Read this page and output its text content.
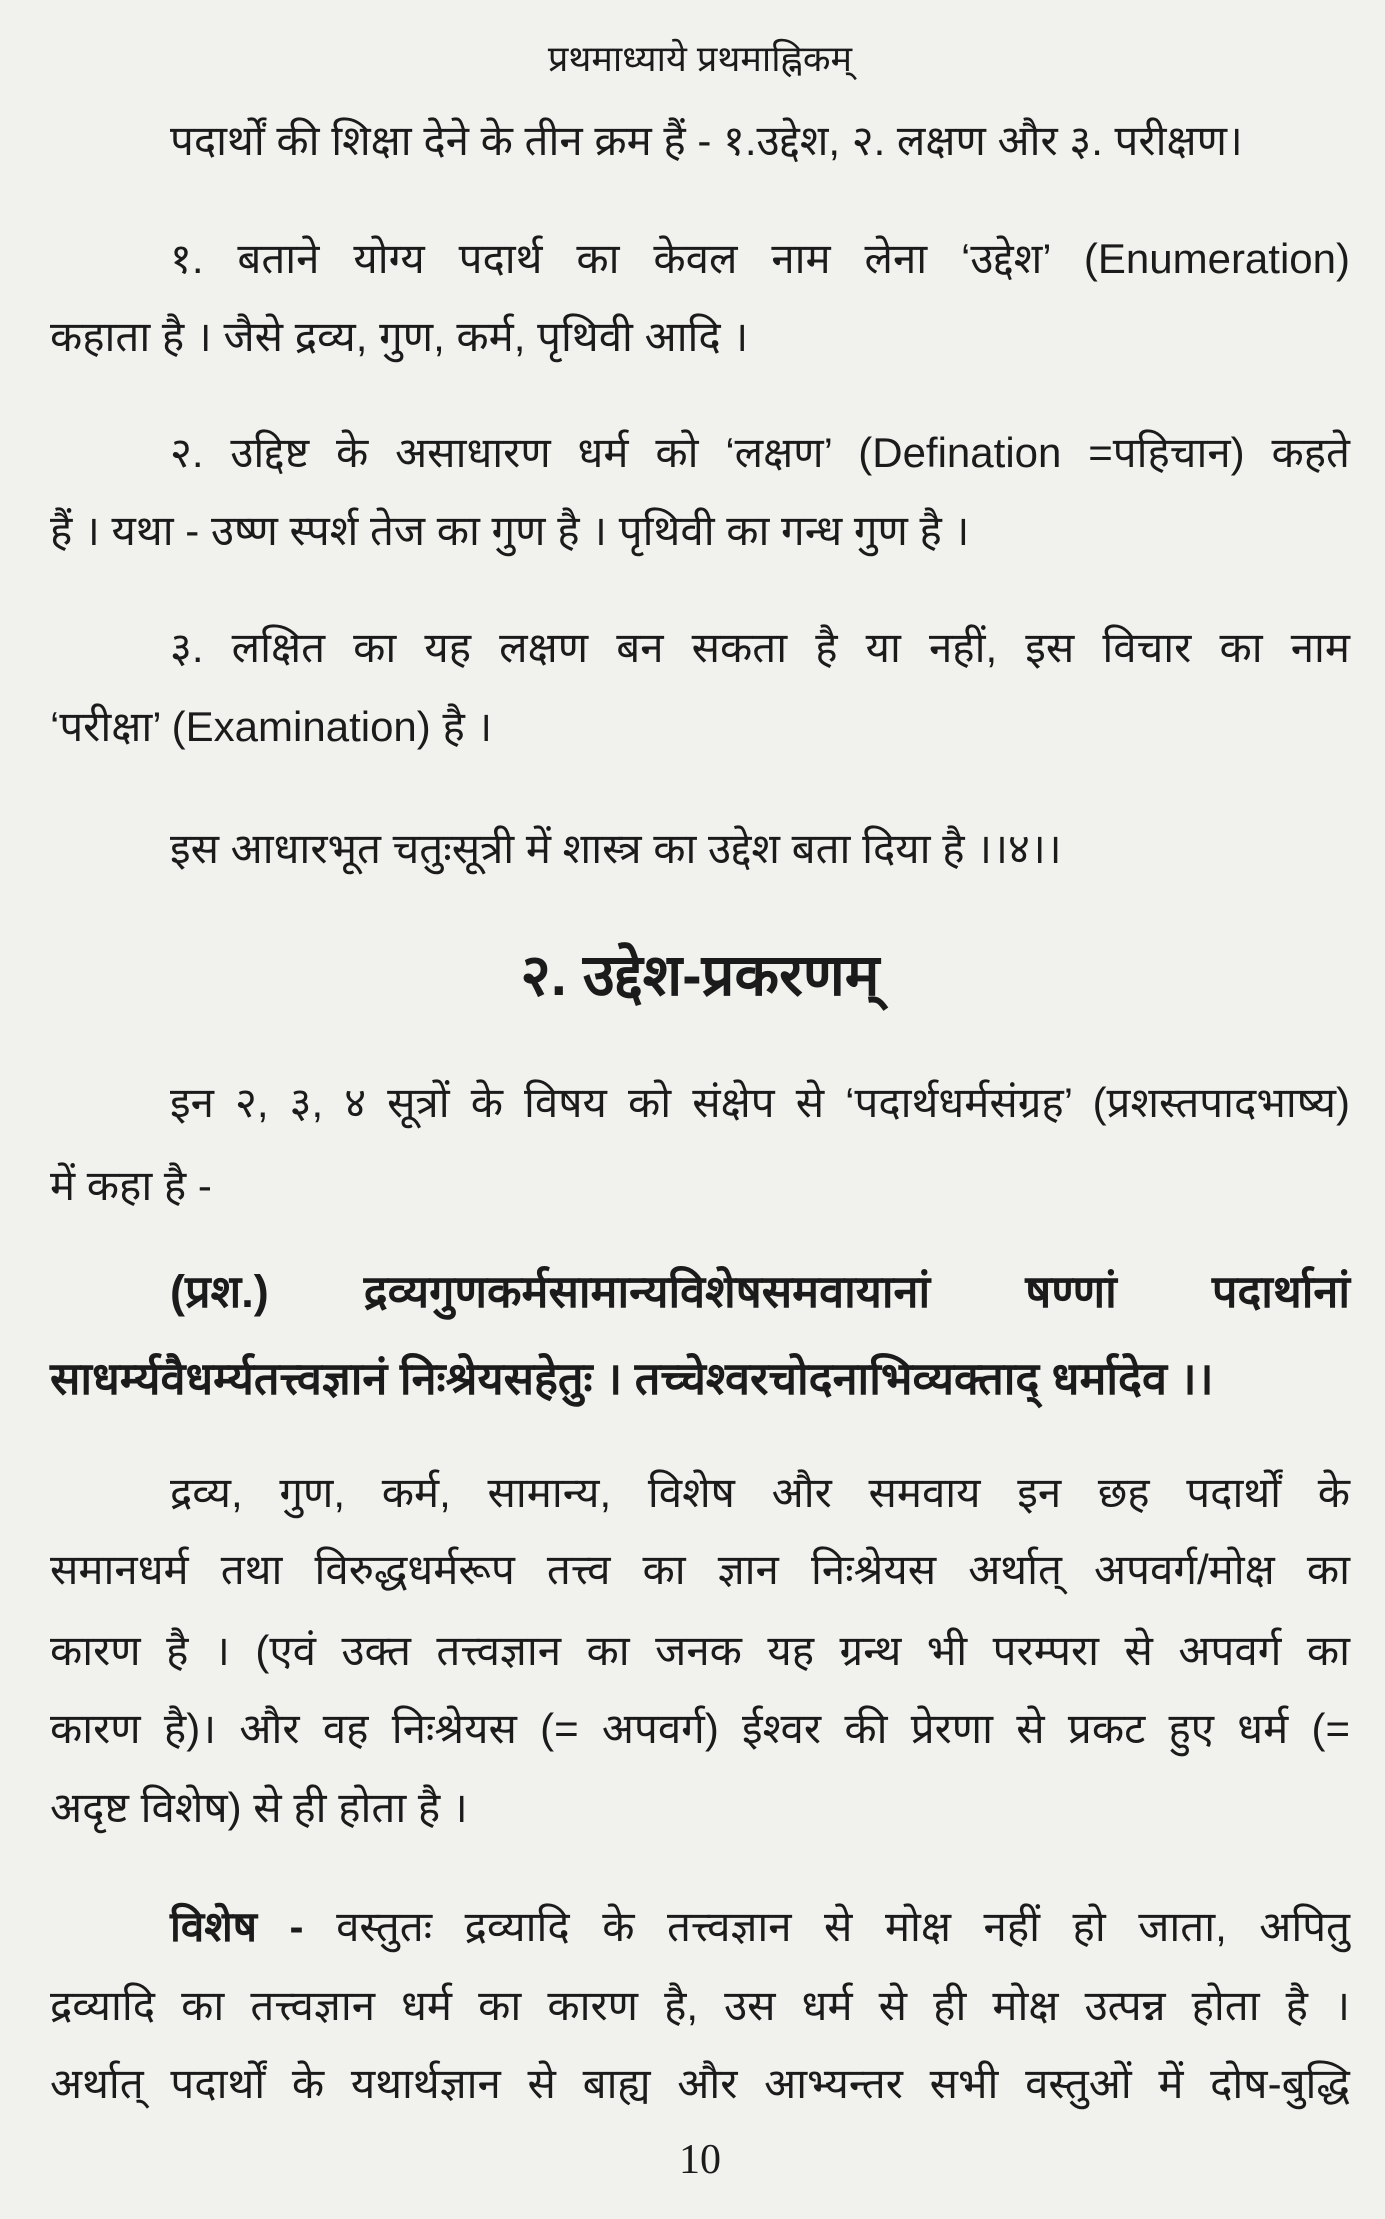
प्रथमाध्याये प्रथमाह्निकम्
पदार्थों की शिक्षा देने के तीन क्रम हैं - १.उद्देश, २. लक्षण और ३. परीक्षण।
१. बताने योग्य पदार्थ का केवल नाम लेना ‘उद्देश’ (Enumeration)
कहाता है । जैसे द्रव्य, गुण, कर्म, पृथिवी आदि ।
२. उद्दिष्ट के असाधारण धर्म को ‘लक्षण’ (Defination =पहिचान) कहते
हैं । यथा - उष्ण स्पर्श तेज का गुण है । पृथिवी का गन्ध गुण है ।
३. लक्षित का यह लक्षण बन सकता है या नहीं, इस विचार का नाम
‘परीक्षा’ (Examination) है ।
इस आधारभूत चतुःसूत्री में शास्त्र का उद्देश बता दिया है ।।४।।
२. उद्देश-प्रकरणम्
इन २, ३, ४ सूत्रों के विषय को संक्षेप से ‘पदार्थधर्मसंग्रह’ (प्रशस्तपादभाष्य)
में कहा है -
(प्रश.) द्रव्यगुणकर्मसामान्यविशेषसमवायानां षण्णां पदार्थानां
साधर्म्यवैधर्म्यतत्त्वज्ञानं निःश्रेयसहेतुः । तच्चेश्वरचोदनाभिव्यक्ताद् धर्मादेव ।।
द्रव्य, गुण, कर्म, सामान्य, विशेष और समवाय इन छह पदार्थों के
समानधर्म तथा विरुद्धधर्मरूप तत्त्व का ज्ञान निःश्रेयस अर्थात् अपवर्ग/मोक्ष का
कारण है । (एवं उक्त तत्त्वज्ञान का जनक यह ग्रन्थ भी परम्परा से अपवर्ग का
कारण है)। और वह निःश्रेयस (= अपवर्ग) ईश्वर की प्रेरणा से प्रकट हुए धर्म (=
अदृष्ट विशेष) से ही होता है ।
विशेष - वस्तुतः द्रव्यादि के तत्त्वज्ञान से मोक्ष नहीं हो जाता, अपितु
द्रव्यादि का तत्त्वज्ञान धर्म का कारण है, उस धर्म से ही मोक्ष उत्पन्न होता है ।
अर्थात् पदार्थों के यथार्थज्ञान से बाह्य और आभ्यन्तर सभी वस्तुओं में दोष-बुद्धि
10
